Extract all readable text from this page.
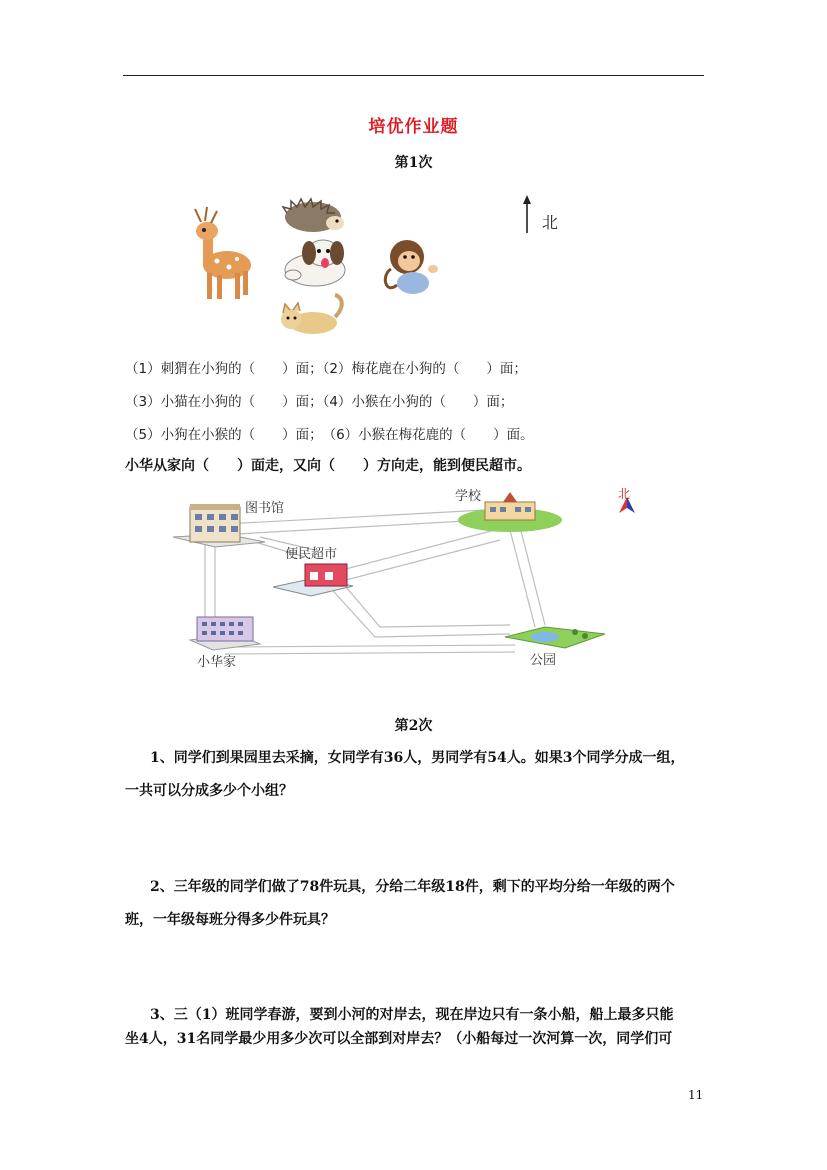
培优作业题
第1次
北
（1）刺猬在小狗的（　　）面；（2）梅花鹿在小狗的（　　）面；
（3）小猫在小狗的（　　）面；（4）小猴在小狗的（　　）面；
（5）小狗在小猴的（　　）面；　（6）小猴在梅花鹿的（　　）面。
小华从家向（　　）面走，又向（　　）方向走，能到便民超市。
图书馆
学校
便民超市
小华家	公园
北
第2次
1、同学们到果园里去采摘，女同学有36人，男同学有54人。如果3个同学分成一组，
一共可以分成多少个小组？
2、三年级的同学们做了78件玩具，分给二年级18件，剩下的平均分给一年级的两个
班，一年级每班分得多少件玩具？
3、三（1）班同学春游，要到小河的对岸去，现在岸边只有一条小船，船上最多只能
坐4人，31名同学最少用多少次可以全部到对岸去？（小船每过一次河算一次，同学们可
11
